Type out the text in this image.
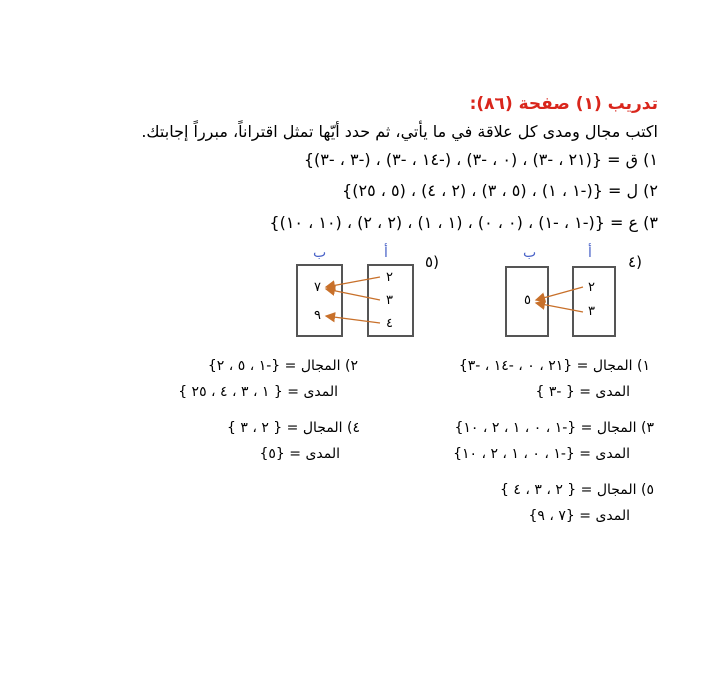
تدريب (١) صفحة (٨٦):
اكتب مجال ومدى كل علاقة في ما يأتي، ثم حدد أيّها تمثل اقتراناً، مبرراً إجابتك.
١) ق = {(٢١ ، -٣) ، (٠ ، -٣) ، (-١٤ ، -٣) ، (-٣ ، -٣)}
٢) ل = {(-١ ، ١) ، (٥ ، ٣) ، (٢ ، ٤) ، (٥ ، ٢٥)}
٣) ع = {(-١ ، -١) ، (٠ ، ٠) ، (١ ، ١) ، (٢ ، ٢) ، (١٠ ، ١٠)}
٤)
أ
ب
٢
٣
٥
٥)
أ
ب
٢
٣
٤
٧
٩
١) المجال = {٢١ ، ٠ ، -١٤ ، -٣}
المدى = { -٣ }
٢) المجال = {-١ ، ٥ ، ٢}
المدى = { ١ ، ٣ ، ٤ ، ٢٥ }
٣) المجال = {-١ ، ٠ ، ١ ، ٢ ، ١٠}
المدى = {-١ ، ٠ ، ١ ، ٢ ، ١٠}
٤) المجال = { ٢ ، ٣ }
المدى = {٥}
٥) المجال = { ٢ ، ٣ ، ٤ }
المدى = {٧ ، ٩}
